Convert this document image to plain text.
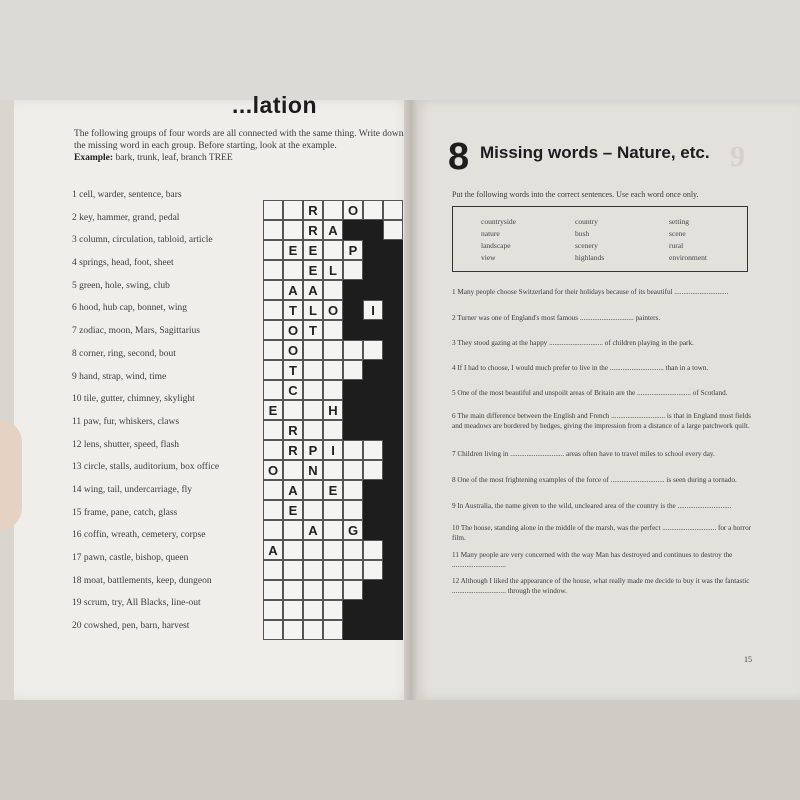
...lation
The following groups of four words are all connected with the same thing. Write down the missing word in each group. Before starting, look at the example.
Example: bark, trunk, leaf, branch TREE
1 cell, warder, sentence, bars
2 key, hammer, grand, pedal
3 column, circulation, tabloid, article
4 springs, head, foot, sheet
5 green, hole, swing, club
6 hood, hub cap, bonnet, wing
7 zodiac, moon, Mars, Sagittarius
8 corner, ring, second, bout
9 hand, strap, wind, time
10 tile, gutter, chimney, skylight
11 paw, fur, whiskers, claws
12 lens, shutter, speed, flash
13 circle, stalls, auditorium, box office
14 wing, tail, undercarriage, fly
15 frame, pane, catch, glass
16 coffin, wreath, cemetery, corpse
17 pawn, castle, bishop, queen
18 moat, battlements, keep, dungeon
19 scrum, try, All Blacks, line-out
20 cowshed, pen, barn, harvest
R	O
R A
E E	P
E L
A A
T L O	I
O T
O
T
C
E	H
R
R P	I
O	N
A	E
E
A	G
A
8 Missing words – Nature, etc. 9
Put the following words into the correct sentences. Use each word once only.
countryside	country	setting
nature	bush	scene
landscape	scenery	rural
view	highlands	environment
1 Many people choose Switzerland for their holidays because of its beautiful ..............................
2 Turner was one of England's most famous .............................. painters.
3 They stood gazing at the happy .............................. of children playing in the park.
4 If I had to choose, I would much prefer to live in the .............................. than in a town.
5 One of the most beautiful and unspoilt areas of Britain are the .............................. of Scotland.
6 The main difference between the English and French .............................. is that in England most fields and meadows are bordered by hedges, giving the impression from a distance of a large patchwork quilt.
7 Children living in .............................. areas often have to travel miles to school every day.
8 One of the most frightening examples of the force of .............................. is seen during a tornado.
9 In Australia, the name given to the wild, uncleared area of the country is the ..............................
10 The house, standing alone in the middle of the marsh, was the perfect .............................. for a horror film.
11 Many people are very concerned with the way Man has destroyed and continues to destroy the ..............................
12 Although I liked the appearance of the house, what really made me decide to buy it was the fantastic .............................. through the window.
15
